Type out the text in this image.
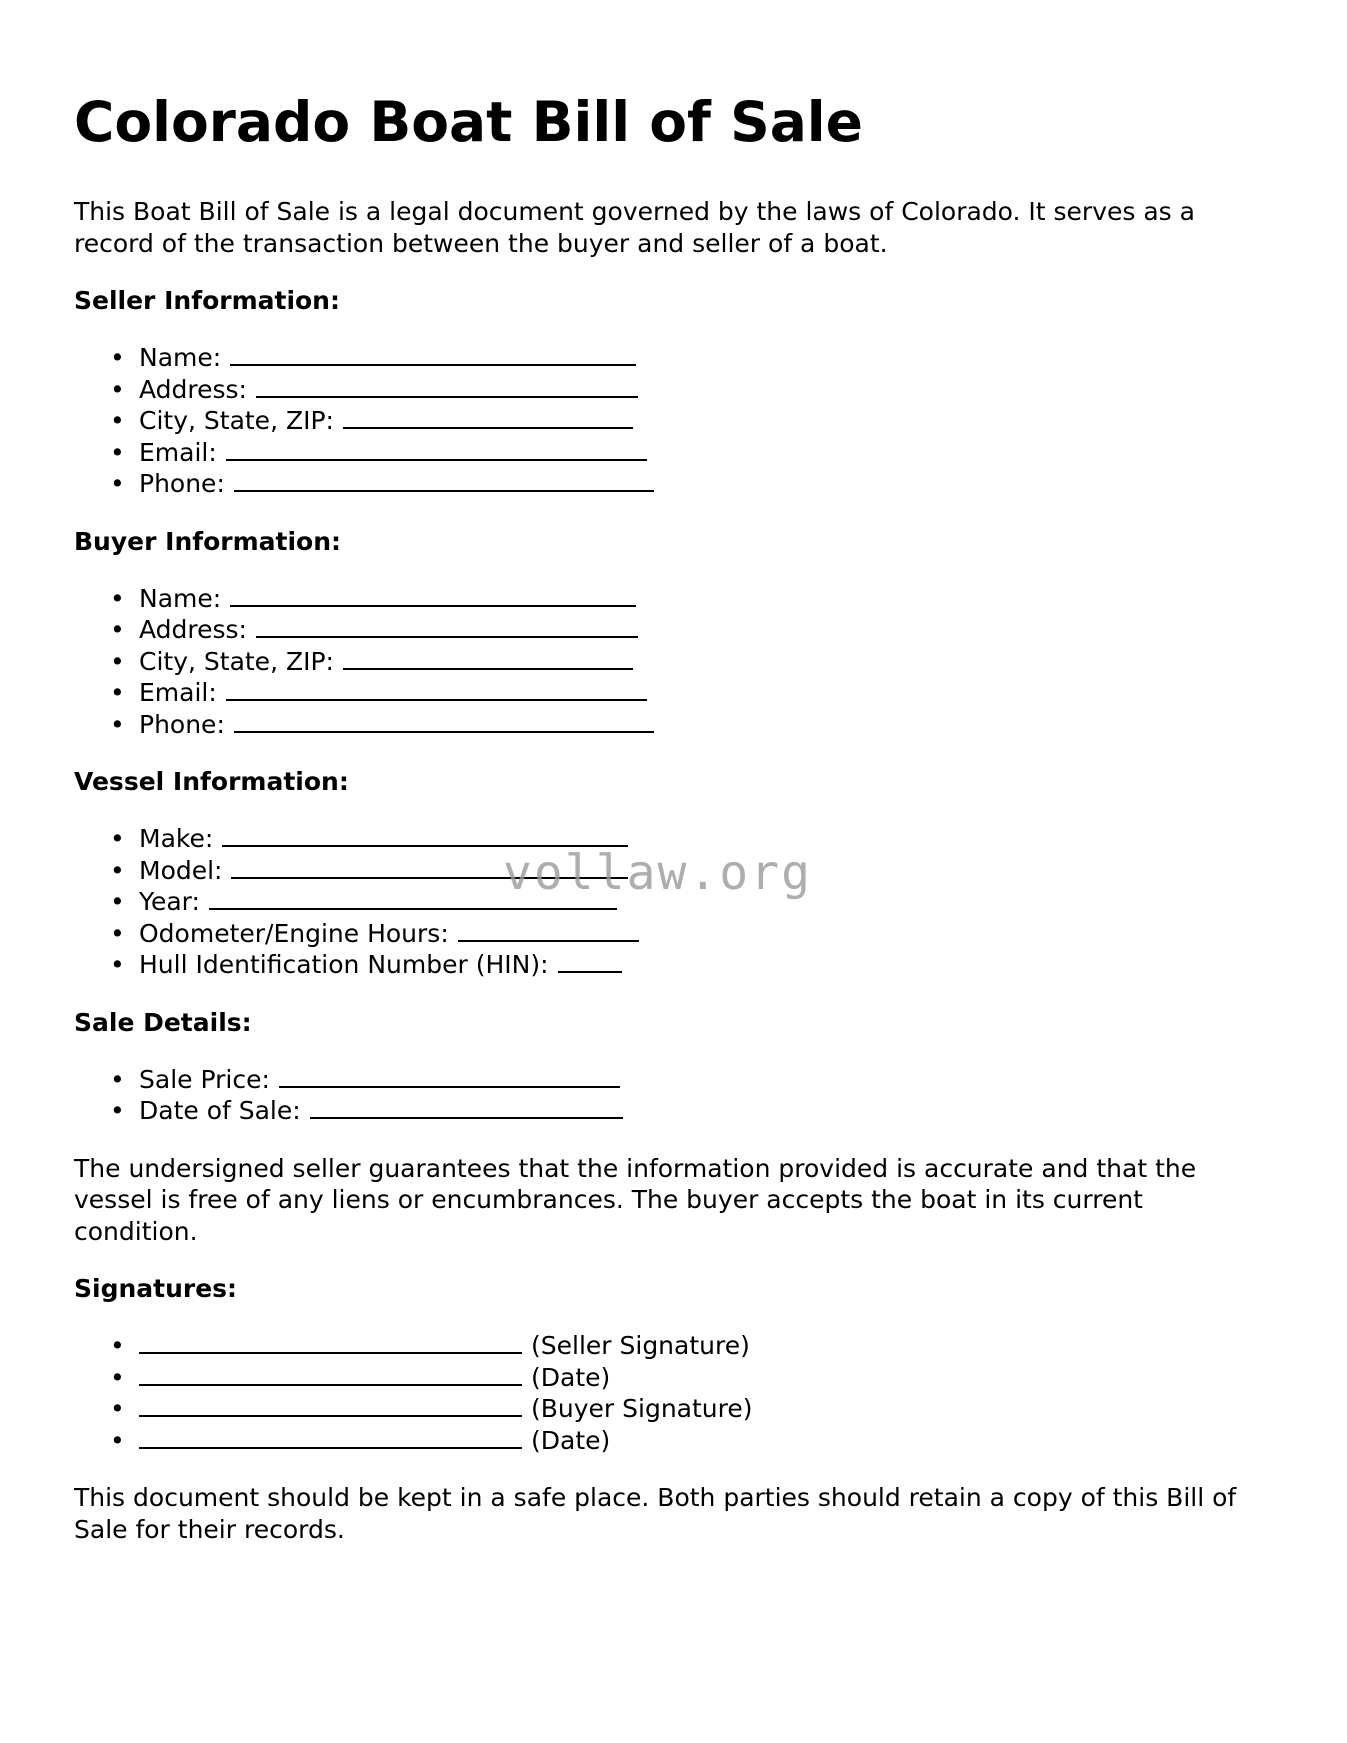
Colorado Boat Bill of Sale

This Boat Bill of Sale is a legal document governed by the laws of Colorado. It serves as a record of the transaction between the buyer and seller of a boat.

Seller Information:
• Name:
• Address:
• City, State, ZIP:
• Email:
• Phone:
Buyer Information:
• Name:
• Address:
• City, State, ZIP:
• Email:
• Phone:
Vessel Information:
• Make:
• Model:
• Year:
• Odometer/Engine Hours:
• Hull Identification Number (HIN):
Sale Details:
• Sale Price:
• Date of Sale:

The undersigned seller guarantees that the information provided is accurate and that the vessel is free of any liens or encumbrances. The buyer accepts the boat in its current condition.

Signatures:
•	(Seller Signature)
•	(Date)
•	(Buyer Signature)
•	(Date)

This document should be kept in a safe place. Both parties should retain a copy of this Bill of Sale for their records.

vollaw.org
